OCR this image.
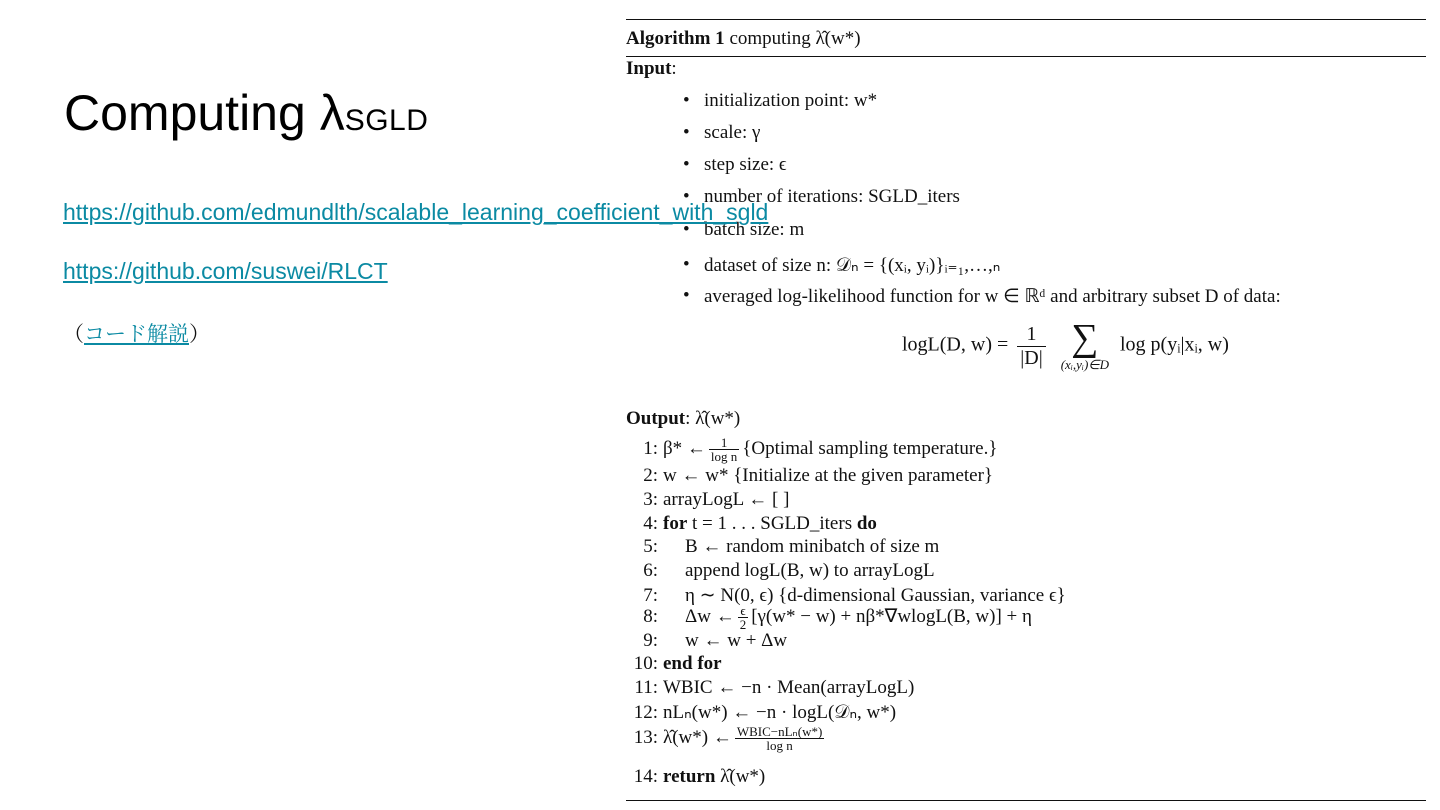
Computing λSGLD
https://github.com/edmundlth/scalable_learning_coefficient_with_sgld
https://github.com/suswei/RLCT
（コード解説）
Algorithm 1 computing λ̂(w*)
Input:
• initialization point: w*
• scale: γ
• step size: ϵ
• number of iterations: SGLD_iters
• batch size: m
• dataset of size n: 𝒟ₙ = {(xᵢ, yᵢ)}ᵢ₌₁,…,ₙ
• averaged log-likelihood function for w ∈ ℝᵈ and arbitrary subset D of data:
logL(D, $w) = \frac{1}{|D|}$
∑
(xᵢ,yᵢ)∈D
log p(yᵢ|xᵢ, w)
Output: λ̂(w*)
1: β* ← $\frac{1}{\text{log n}}$ {Optimal sampling temperature.}
2: w ← w* {Initialize at the given parameter}
3: arrayLogL ← [ ]
4: for t = 1 . . . SGLD_iters do
5: B ← random minibatch of size m
6: append logL(B, w) to arrayLogL
7: η ∼ N(0, ϵ) {d-dimensional Gaussian, variance ϵ}
8: Δw ← $\frac{\epsilon}{2} [\gamma(w* - w) + n\beta*\nabla wlogL(B$, w)] + η
9: w ← w + Δw
10: end for
11: WBIC ← −n · Mean(arrayLogL)
12: nLₙ(w*) ← −n · logL(𝒟ₙ, w*)
13: λ̂(w*) ← $\frac{\text{WBIC−nLₙ(w*)}}{\text{log n}}$
14: return λ̂(w*)
